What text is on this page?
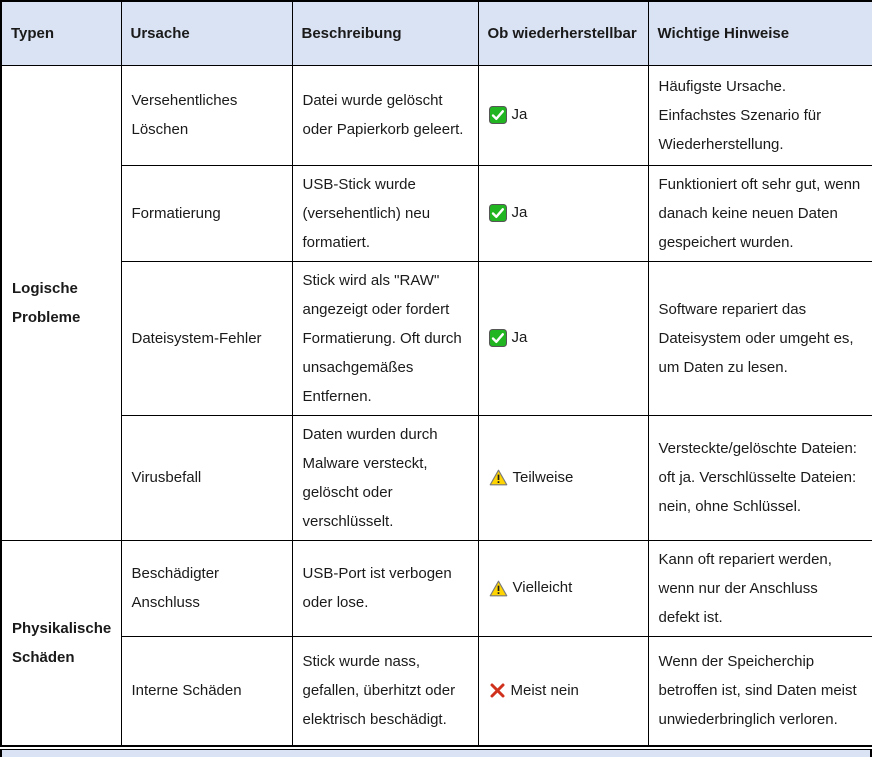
Typen	Ursache	Beschreibung	Ob wiederherstellbar	Wichtige Hinweise
Logische Probleme	Versehentliches Löschen	Datei wurde gelöscht oder Papierkorb geleert.	Ja	Häufigste Ursache. Einfachstes Szenario für Wiederherstellung.
	Formatierung	USB-Stick wurde (versehentlich) neu formatiert.	Ja	Funktioniert oft sehr gut, wenn danach keine neuen Daten gespeichert wurden.
	Dateisystem-Fehler	Stick wird als "RAW" angezeigt oder fordert Formatierung. Oft durch unsachgemäßes Entfernen.	Ja	Software repariert das Dateisystem oder umgeht es, um Daten zu lesen.
	Virusbefall	Daten wurden durch Malware versteckt, gelöscht oder verschlüsselt.	Teilweise	Versteckte/gelöschte Dateien: oft ja. Verschlüsselte Dateien: nein, ohne Schlüssel.
Physikalische Schäden	Beschädigter Anschluss	USB-Port ist verbogen oder lose.	Vielleicht	Kann oft repariert werden, wenn nur der Anschluss defekt ist.
	Interne Schäden	Stick wurde nass, gefallen, überhitzt oder elektrisch beschädigt.	Meist nein	Wenn der Speicherchip betroffen ist, sind Daten meist unwiederbringlich verloren.
